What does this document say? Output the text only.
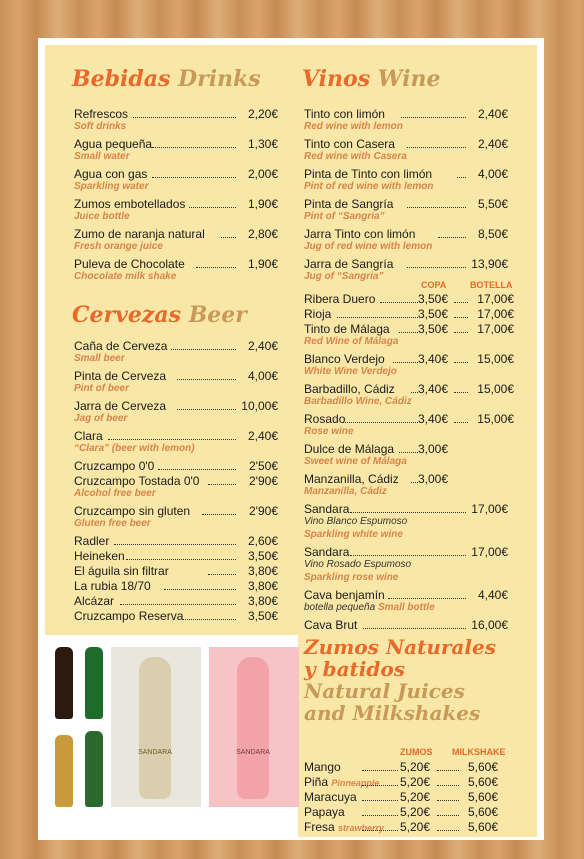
SANDARA	SANDARA
Bebidas Drinks
Cervezas Beer
Vinos Wine
Zumos Naturales y batidos
Natural Juices and Milkshakes
Refrescos	2,20€
Soft drinks
Agua pequeña	1,30€
Small water
Agua con gas	2,00€
Sparkling water
Zumos embotellados	1,90€
Juice bottle
Zumo de naranja natural	2,80€
Fresh orange juice
Puleva de Chocolate	1,90€
Chocolate milk shake
Caña de Cerveza	2,40€
Small beer
Pinta de Cerveza	4,00€
Pint of beer
Jarra de Cerveza	10,00€
Jag of beer
Clara	2,40€
“Clara” (beer with lemon)
Cruzcampo 0'0	2'50€
Cruzcampo Tostada 0'0	2'90€
Alcohol free beer
Cruzcampo sin gluten	2'90€
Gluten free beer
Radler	2,60€
Heineken	3,50€
El águila sin filtrar	3,80€
La rubia 18/70	3,80€
Alcázar	3,80€
Cruzcampo Reserva	3,50€
Tinto con limón	2,40€
Red wine with lemon
Tinto con Casera	2,40€
Red wine with Casera
Pinta de Tinto con limón	4,00€
Pint of red wine with lemon
Pinta de Sangría	5,50€
Pint of “Sangria”
Jarra Tinto con limón	8,50€
Jug of red wine with lemon
Jarra de Sangría	13,90€
Jug of “Sangria”
COPA	BOTELLA
Ribera Duero	3,50€ 17,00€
Rioja	3,50€ 17,00€
Tinto de Málaga 3,50€ 17,00€
Red Wine of Málaga
Blanco Verdejo	3,40€ 15,00€
White Wine Verdejo
Barbadillo, Cádiz 3,40€ 15,00€
Barbadillo Wine, Cádiz
Rosado	3,40€ 15,00€
Rose wine
Dulce de Málaga 3,00€
Sweet wine of Málaga
Manzanilla, Cádiz 3,00€
Manzanilla, Cádiz
Sandara	17,00€
Vino Blanco Espumoso
Sparkling white wine
Sandara	17,00€
Vino Rosado Espumoso
Sparkling rose wine
Cava benjamín	4,40€
botella pequeña Small bottle
Cava Brut	16,00€
ZUMOS MILKSHAKE
Mango	5,20€	5,60€
Piña Pinneapple 5,20€	5,60€
Maracuya	5,20€	5,60€
Papaya	5,20€	5,60€
Fresa strawberry 5,20€	5,60€
